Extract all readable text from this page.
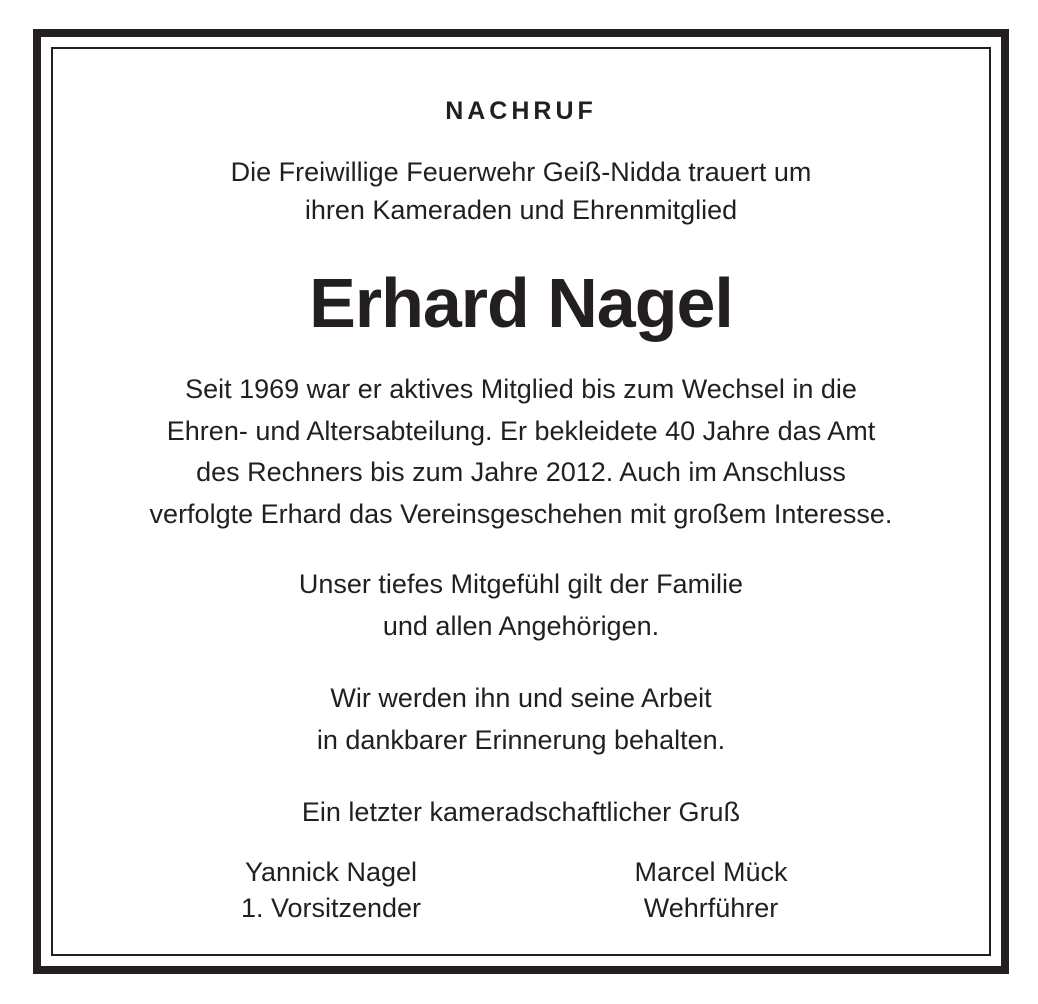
NACHRUF
Die Freiwillige Feuerwehr Geiß-Nidda trauert um
ihren Kameraden und Ehrenmitglied
Erhard Nagel
Seit 1969 war er aktives Mitglied bis zum Wechsel in die
Ehren- und Altersabteilung. Er bekleidete 40 Jahre das Amt
des Rechners bis zum Jahre 2012. Auch im Anschluss
verfolgte Erhard das Vereinsgeschehen mit großem Interesse.
Unser tiefes Mitgefühl gilt der Familie
und allen Angehörigen.
Wir werden ihn und seine Arbeit
in dankbarer Erinnerung behalten.
Ein letzter kameradschaftlicher Gruß
Yannick Nagel
1. Vorsitzender
Marcel Mück
Wehrführer
